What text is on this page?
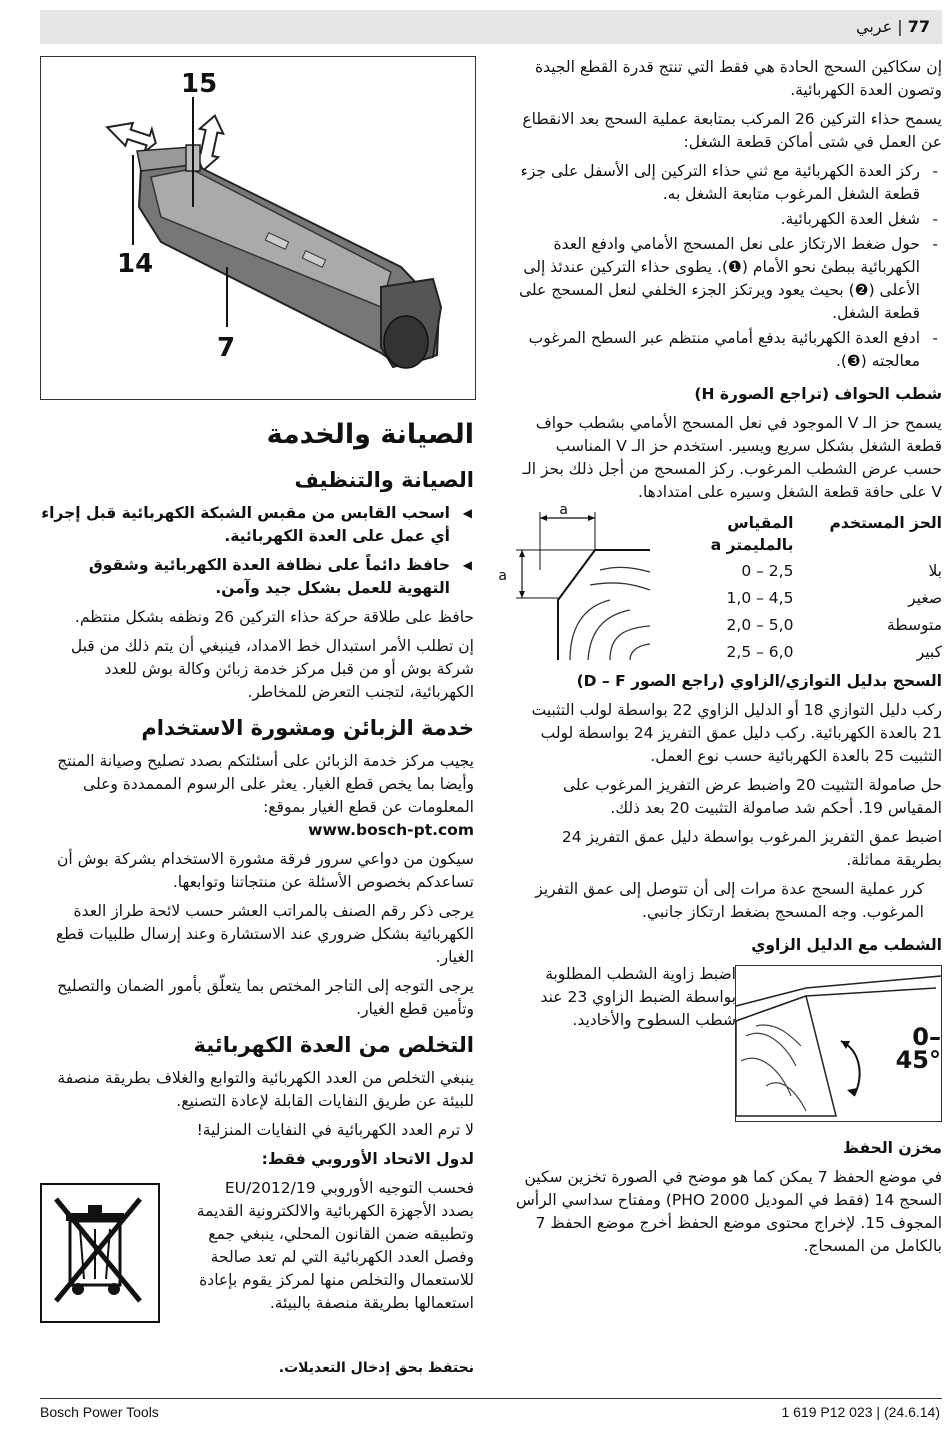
77 | عربي
15
14
7

إن سكاكين السحج الحادة هي فقط التي تنتج قدرة القطع الجيدة وتصون العدة الكهربائية.

يسمح حذاء التركين 26 المركب بمتابعة عملية السحج بعد الانقطاع عن العمل في شتى أماكن قطعة الشغل:

- ركز العدة الكهربائية مع ثني حذاء التركين إلى الأسفل على جزء قطعة الشغل المرغوب متابعة الشغل به.
- شغل العدة الكهربائية.
- حول ضغط الارتكاز على نعل المسحج الأمامي وادفع العدة الكهربائية ببطئ نحو الأمام (❶). يطوى حذاء التركين عندئذ إلى الأعلى (❷) بحيث يعود ويرتكز الجزء الخلفي لنعل المسحج على قطعة الشغل.
- ادفع العدة الكهربائية بدفع أمامي منتظم عبر السطح المرغوب معالجته (❸).
شطب الحواف (تراجع الصورة H)

يسمح حز الـ V الموجود في نعل المسحج الأمامي بشطب حواف قطعة الشغل بشكل سريع ويسير. استخدم حز الـ V المناسب حسب عرض الشطب المرغوب. ركز المسحج من أجل ذلك بحز الـ V على حافة قطعة الشغل وسيره على امتدادها.

الحز المستخدم	المقياس بالمليمتر a
بلا	0 – 2,5
صغير	1,0 – 4,5
متوسطة	2,0 – 5,0
كبير	2,5 – 6,0
a
a
السحج بدليل التوازي/الزاوي (راجع الصور D – F)

ركب دليل التوازي 18 أو الدليل الزاوي 22 بواسطة لولب التثبيت 21 بالعدة الكهربائية. ركب دليل عمق التفريز 24 بواسطة لولب التثبيت 25 بالعدة الكهربائية حسب نوع العمل.

حل صامولة التثبيت 20 واضبط عرض التفريز المرغوب على المقياس 19. أحكم شد صامولة التثبيت 20 بعد ذلك.

اضبط عمق التفريز المرغوب بواسطة دليل عمق التفريز 24 بطريقة مماثلة.

كرر عملية السحج عدة مرات إلى أن تتوصل إلى عمق التفريز المرغوب. وجه المسحج بضغط ارتكاز جانبي.

الشطب مع الدليل الزاوي
اضبط زاوية الشطب المطلوبة بواسطة الضبط الزاوي 23 عند شطب السطوح والأخاديد.
0–45°
مخزن الحفظ

في موضع الحفظ 7 يمكن كما هو موضح في الصورة تخزين سكين السحج 14 (فقط في الموديل PHO 2000) ومفتاح سداسي الرأس المجوف 15. لإخراج محتوى موضع الحفظ أخرج موضع الحفظ 7 بالكامل من المسحاج.

الصيانة والخدمة
الصيانة والتنظيف
◀ اسحب القابس من مقبس الشبكة الكهربائية قبل إجراء أي عمل على العدة الكهربائية.
◀ حافظ دائماً على نظافة العدة الكهربائية وشقوق التهوية للعمل بشكل جيد وآمن.

حافظ على طلاقة حركة حذاء التركين 26 ونظفه بشكل منتظم.

إن تطلب الأمر استبدال خط الامداد، فينبغي أن يتم ذلك من قبل شركة بوش أو من قبل مركز خدمة زبائن وكالة بوش للعدد الكهربائية، لتجنب التعرض للمخاطر.

خدمة الزبائن ومشورة الاستخدام

يجيب مركز خدمة الزبائن على أسئلتكم بصدد تصليح وصيانة المنتج وأيضا بما يخص قطع الغيار. يعثر على الرسوم المممددة وعلى المعلومات عن قطع الغيار بموقع:

www.bosch-pt.com

سيكون من دواعي سرور فرقة مشورة الاستخدام بشركة بوش أن تساعدكم بخصوص الأسئلة عن منتجاتنا وتوابعها.

يرجى ذكر رقم الصنف بالمراتب العشر حسب لائحة طراز العدة الكهربائية بشكل ضروري عند الاستشارة وعند إرسال طلبيات قطع الغيار.

يرجى التوجه إلى التاجر المختص بما يتعلّق بأمور الضمان والتصليح وتأمين قطع الغيار.

التخلص من العدة الكهربائية

ينبغي التخلص من العدد الكهربائية والتوابع والغلاف بطريقة منصفة للبيئة عن طريق النفايات القابلة لإعادة التصنيع.

لا ترم العدد الكهربائية في النفايات المنزلية!

لدول الاتحاد الأوروبي فقط:

فحسب التوجيه الأوروبي 2012/19/EU بصدد الأجهزة الكهربائية والالكترونية القديمة وتطبيقه ضمن القانون المحلي، ينبغي جمع وفصل العدد الكهربائية التي لم تعد صالحة للاستعمال والتخلص منها لمركز يقوم بإعادة استعمالها بطريقة منصفة بالبيئة.

نحتفظ بحق إدخال التعديلات.

Bosch Power Tools	1 619 P12 023 | (24.6.14)
